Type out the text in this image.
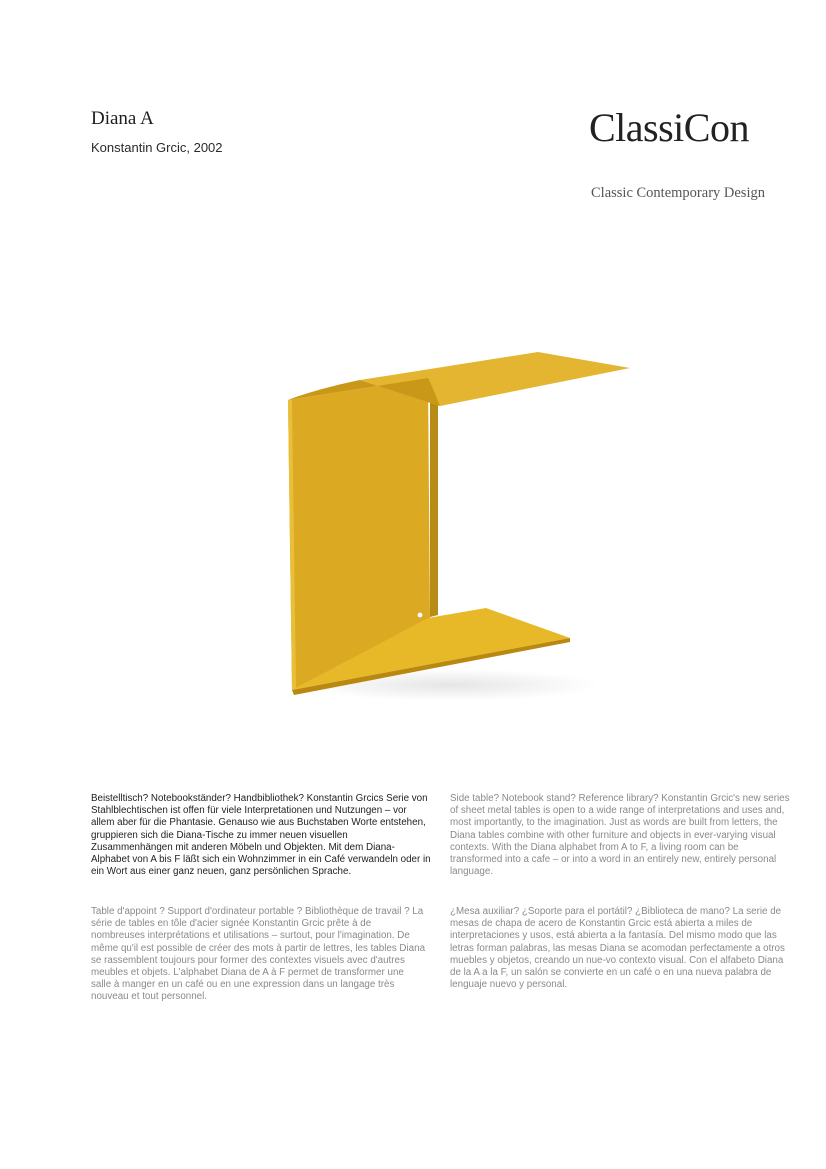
Diana A

Konstantin Grcic, 2002	ClassiCon

Classic Contemporary Design

Beistelltisch? Notebookständer? Handbibliothek? Konstantin Grcics Serie von Stahlblechtischen ist offen für viele Interpretationen und Nutzungen – vor allem aber für die Phantasie. Genauso wie aus Buchstaben Worte entstehen, gruppieren sich die Diana-Tische zu immer neuen visuellen Zusammenhängen mit anderen Möbeln und Objekten. Mit dem Diana-Alphabet von A bis F läßt sich ein Wohnzimmer in ein Café verwandeln oder in ein Wort aus einer ganz neuen, ganz persönlichen Sprache.

Side table? Notebook stand? Reference library? Konstantin Grcic's new series of sheet metal tables is open to a wide range of interpretations and uses and, most importantly, to the imagination. Just as words are built from letters, the Diana tables combine with other furniture and objects in ever-varying visual contexts. With the Diana alphabet from A to F, a living room can be transformed into a cafe – or into a word in an entirely new, entirely personal language.

Table d'appoint ? Support d'ordinateur portable ? Bibliothèque de travail ? La série de tables en tôle d'acier signée Konstantin Grcic prête à de nombreuses interprétations et utilisations – surtout, pour l'imagination. De même qu'il est possible de créer des mots à partir de lettres, les tables Diana se rassemblent toujours pour former des contextes visuels avec d'autres meubles et objets. L'alphabet Diana de A à F permet de transformer une salle à manger en un café ou en une expression dans un langage très nouveau et tout personnel.

¿Mesa auxiliar? ¿Soporte para el portátil? ¿Biblioteca de mano? La serie de mesas de chapa de acero de Konstantin Grcic está abierta a miles de interpretaciones y usos, está abierta a la fantasía. Del mismo modo que las letras forman palabras, las mesas Diana se acomodan perfectamente a otros muebles y objetos, creando un nue-vo contexto visual. Con el alfabeto Diana de la A a la F, un salón se convierte en un café o en una nueva palabra de lenguaje nuevo y personal.
